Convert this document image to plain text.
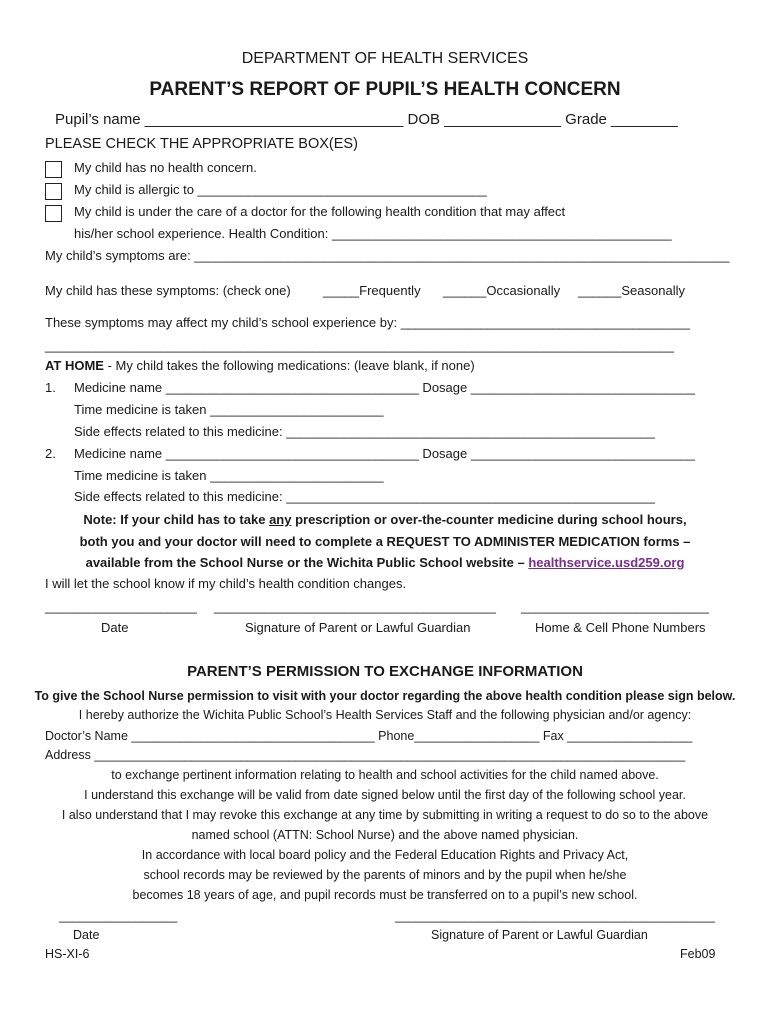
DEPARTMENT OF HEALTH SERVICES
PARENT’S REPORT OF PUPIL’S HEALTH CONCERN
Pupil’s name _______________________________ DOB ______________ Grade ________
PLEASE CHECK THE APPROPRIATE BOX(ES)
My child has no health concern.
My child is allergic to ________________________________________
My child is under the care of a doctor for the following health condition that may affect
his/her school experience. Health Condition: _______________________________________________
My child’s symptoms are: __________________________________________________________________________
My child has these symptoms: (check one) _____Frequently ______Occasionally ______Seasonally
These symptoms may affect my child’s school experience by: ________________________________________
_______________________________________________________________________________________
AT HOME - My child takes the following medications: (leave blank, if none)
1. Medicine name ___________________________________ Dosage _______________________________
Time medicine is taken ________________________
Side effects related to this medicine: ___________________________________________________
2. Medicine name ___________________________________ Dosage _______________________________
Time medicine is taken ________________________
Side effects related to this medicine: ___________________________________________________
Note: If your child has to take any prescription or over-the-counter medicine during school hours,
both you and your doctor will need to complete a REQUEST TO ADMINISTER MEDICATION forms –
available from the School Nurse or the Wichita Public School website – healthservice.usd259.org
I will let the school know if my child’s health condition changes.
_____________________ _______________________________________ __________________________
Date	Signature of Parent or Lawful Guardian	Home & Cell Phone Numbers
PARENT’S PERMISSION TO EXCHANGE INFORMATION
To give the School Nurse permission to visit with your doctor regarding the above health condition please sign below.
I hereby authorize the Wichita Public School’s Health Services Staff and the following physician and/or agency:
Doctor’s Name ___________________________________ Phone__________________ Fax __________________
Address _____________________________________________________________________________________
to exchange pertinent information relating to health and school activities for the child named above.
I understand this exchange will be valid from date signed below until the first day of the following school year.
I also understand that I may revoke this exchange at any time by submitting in writing a request to do so to the above
named school (ATTN: School Nurse) and the above named physician.
In accordance with local board policy and the Federal Education Rights and Privacy Act,
school records may be reviewed by the parents of minors and by the pupil when he/she
becomes 18 years of age, and pupil records must be transferred on to a pupil’s new school.
_________________	______________________________________________
Date	Signature of Parent or Lawful Guardian
HS-XI-6	Feb09
